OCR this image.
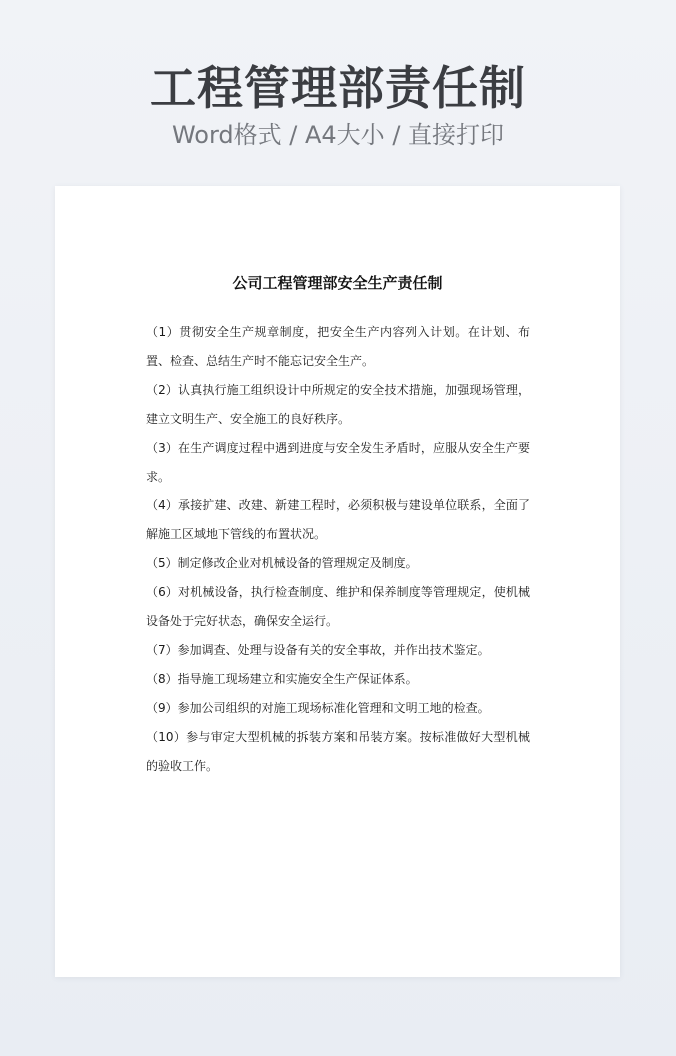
工程管理部责任制
Word格式 / A4大小 / 直接打印
公司工程管理部安全生产责任制

（1）贯彻安全生产规章制度，把安全生产内容列入计划。在计划、布置、检查、总结生产时不能忘记安全生产。

（2）认真执行施工组织设计中所规定的安全技术措施，加强现场管理，建立文明生产、安全施工的良好秩序。

（3）在生产调度过程中遇到进度与安全发生矛盾时，应服从安全生产要求。

（4）承接扩建、改建、新建工程时，必须积极与建设单位联系，全面了解施工区域地下管线的布置状况。

（5）制定修改企业对机械设备的管理规定及制度。

（6）对机械设备，执行检查制度、维护和保养制度等管理规定，使机械设备处于完好状态，确保安全运行。

（7）参加调查、处理与设备有关的安全事故，并作出技术鉴定。

（8）指导施工现场建立和实施安全生产保证体系。

（9）参加公司组织的对施工现场标准化管理和文明工地的检查。

（10）参与审定大型机械的拆装方案和吊装方案。按标准做好大型机械的验收工作。
